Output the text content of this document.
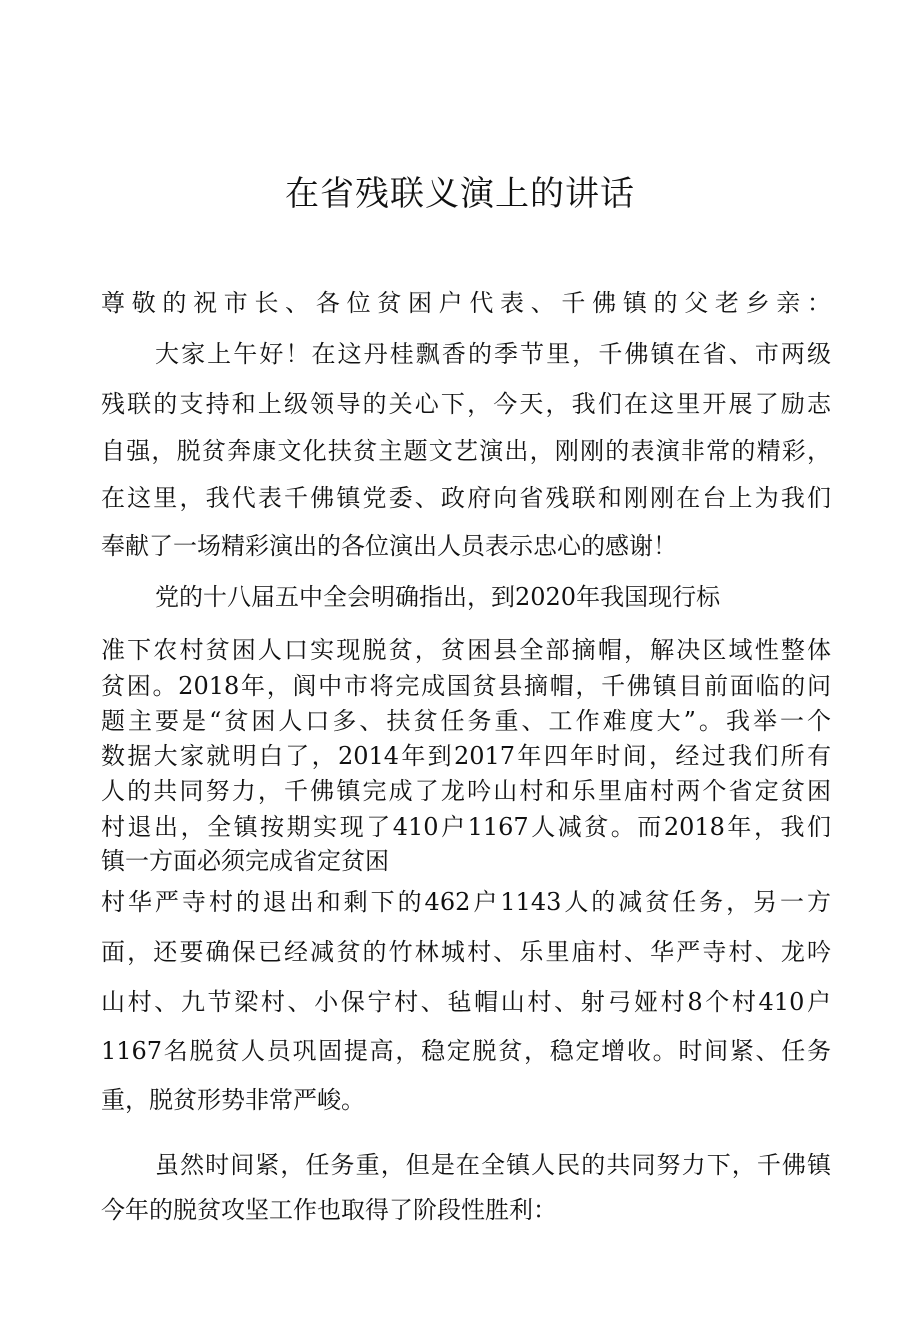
在省残联义演上的讲话
尊敬的祝市长、各位贫困户代表、千佛镇的父老乡亲：
大家上午好！在这丹桂飘香的季节里，千佛镇在省、市两级
残联的支持和上级领导的关心下，今天，我们在这里开展了励志
自强，脱贫奔康文化扶贫主题文艺演出，刚刚的表演非常的精彩，
在这里，我代表千佛镇党委、政府向省残联和刚刚在台上为我们
奉献了一场精彩演出的各位演出人员表示忠心的感谢！
党的十八届五中全会明确指出，到2020年我国现行标
准下农村贫困人口实现脱贫，贫困县全部摘帽，解决区域性整体
贫困。2018年，阆中市将完成国贫县摘帽，千佛镇目前面临的问
题主要是“贫困人口多、扶贫任务重、工作难度大”。我举一个
数据大家就明白了，2014年到2017年四年时间，经过我们所有
人的共同努力，千佛镇完成了龙吟山村和乐里庙村两个省定贫困
村退出，全镇按期实现了410户1167人减贫。而2018年，我们
镇一方面必须完成省定贫困
村华严寺村的退出和剩下的462户1143人的减贫任务，另一方
面，还要确保已经减贫的竹林城村、乐里庙村、华严寺村、龙吟
山村、九节梁村、小保宁村、毡帽山村、射弓娅村8个村410户
1167名脱贫人员巩固提高，稳定脱贫，稳定增收。时间紧、任务
重，脱贫形势非常严峻。
虽然时间紧，任务重，但是在全镇人民的共同努力下，千佛镇
今年的脱贫攻坚工作也取得了阶段性胜利：
